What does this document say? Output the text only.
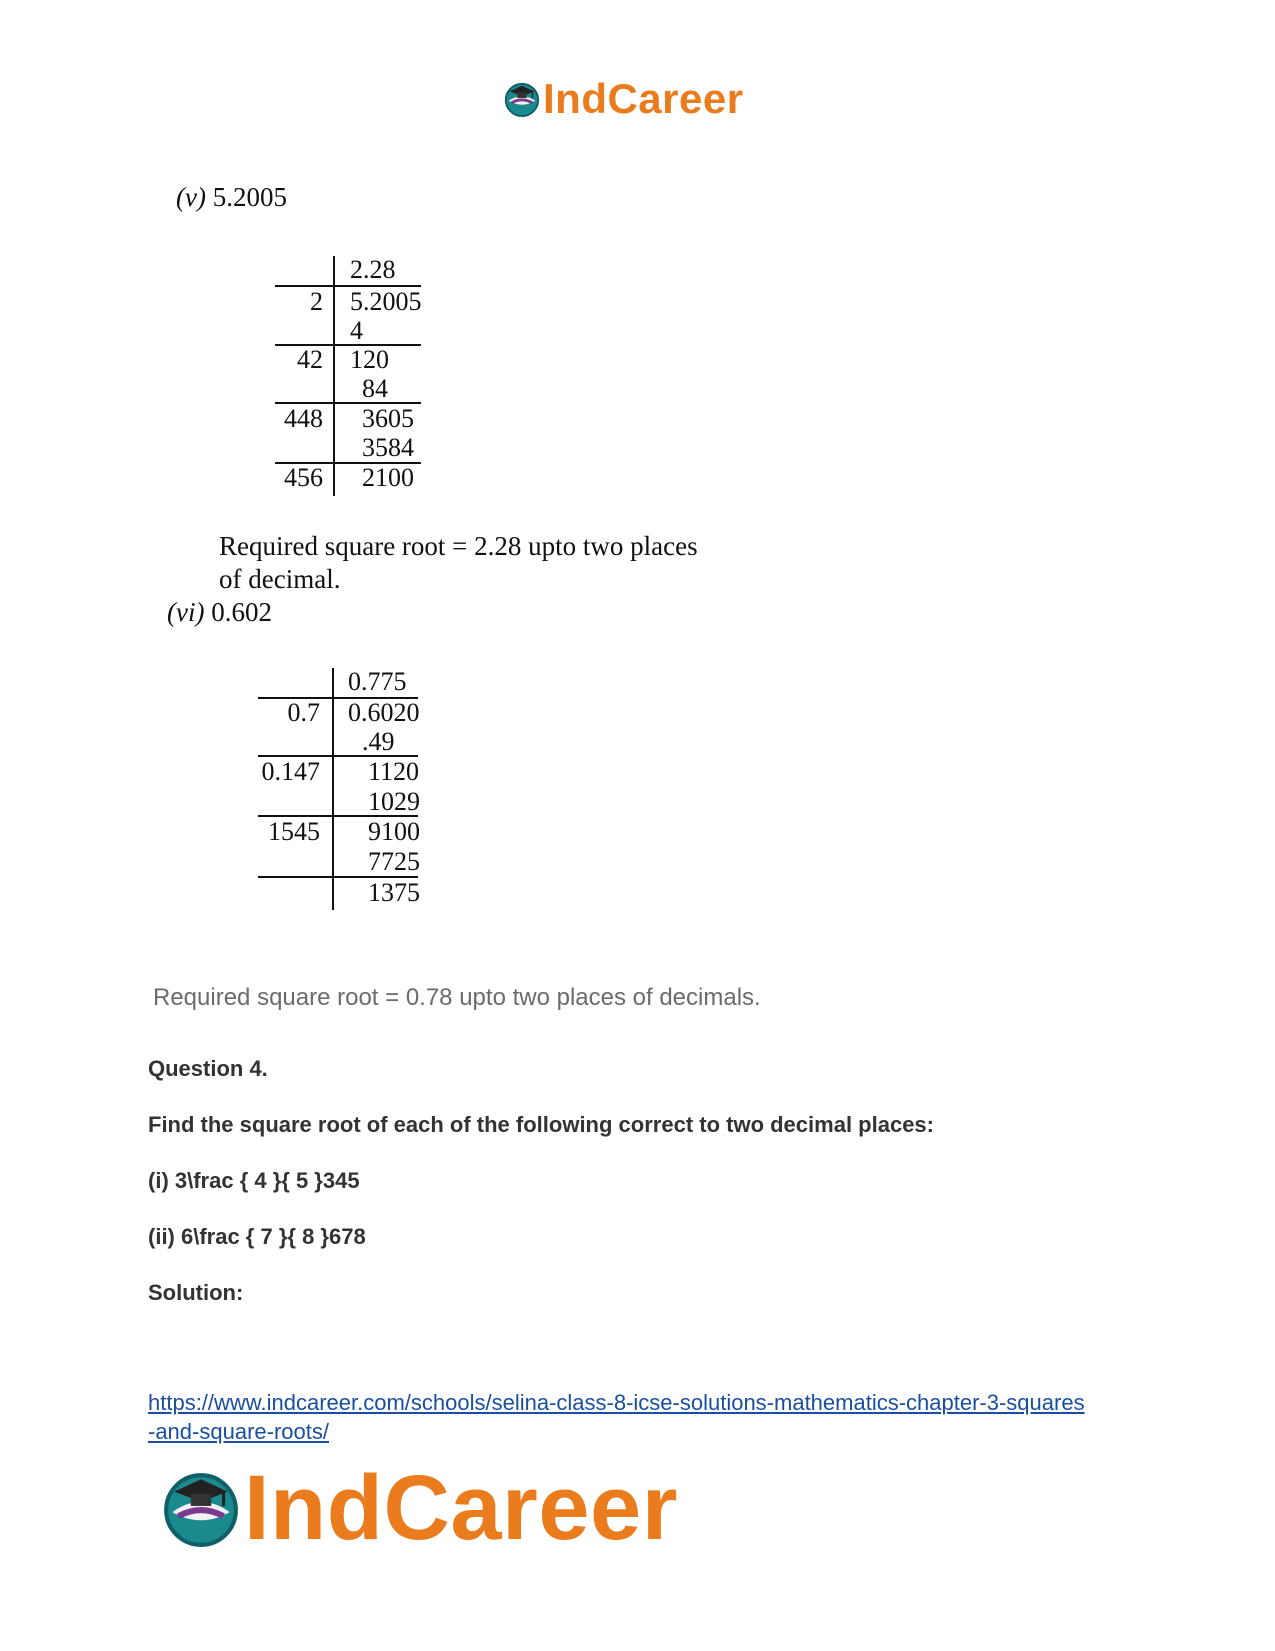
IndCareer
(v) 5.2005
2.28
2
42
448
456
5.2005
4
120
84
3605
3584
2100
Required square root = 2.28 upto two places
of decimal.
(vi) 0.602
0.775
0.7
0.147
1545
0.6020
.49
1120
1029
9100
7725
1375
Required square root = 0.78 upto two places of decimals.
Question 4.
Find the square root of each of the following correct to two decimal places:
(i) 3\frac { 4 }{ 5 }345
(ii) 6\frac { 7 }{ 8 }678
Solution:
https://www.indcareer.com/schools/selina-class-8-icse-solutions-mathematics-chapter-3-squares
-and-square-roots/
IndCareer
